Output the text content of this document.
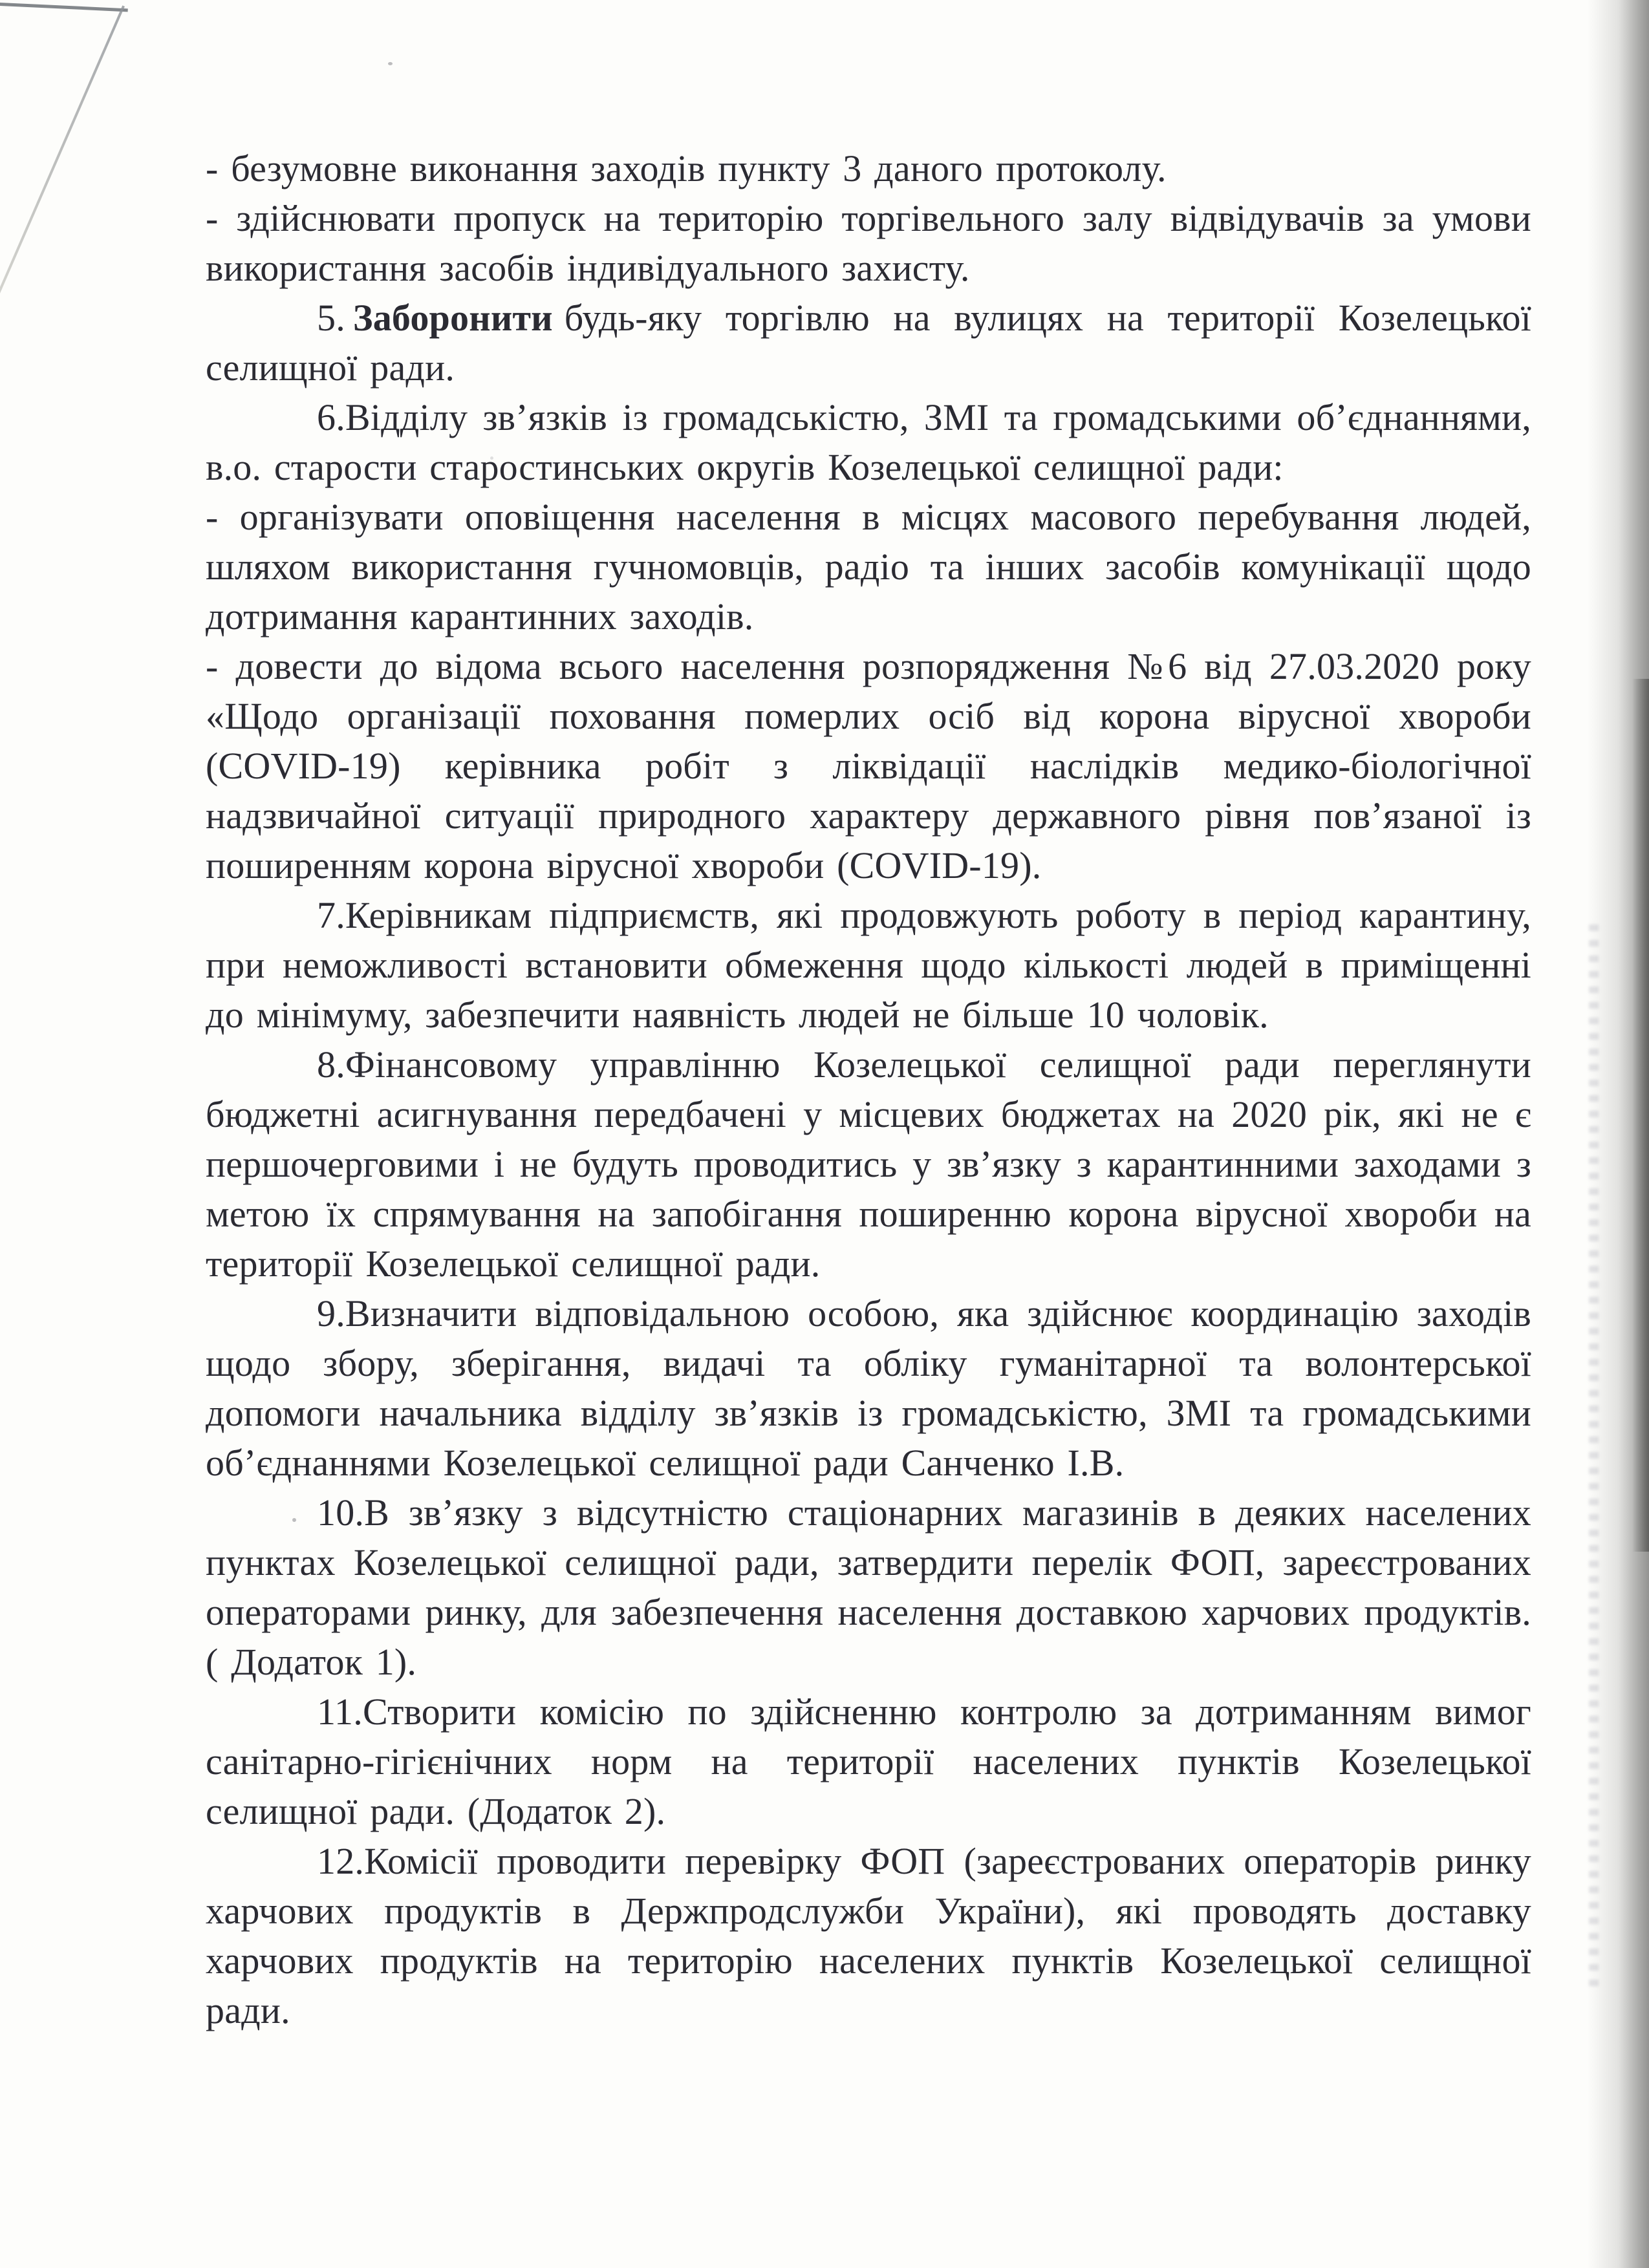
- безумовне виконання заходів пункту 3 даного протоколу.

- здійснювати пропуск на територію торгівельного залу відвідувачів за умови використання засобів індивідуального захисту.

5. Заборонити будь-яку торгівлю на вулицях на території Козелецької селищної ради.

6.Відділу зв’язків із громадськістю, ЗМІ та громадськими об’єднаннями, в.о. старости старостинських округів Козелецької селищної ради:

- організувати оповіщення населення в місцях масового перебування людей, шляхом використання гучномовців, радіо та інших засобів комунікації щодо дотримання карантинних заходів.

- довести до відома всього населення розпорядження №6 від 27.03.2020 року «Щодо організації поховання померлих осіб від корона вірусної хвороби (COVID-19) керівника робіт з ліквідації наслідків медико-біологічної надзвичайної ситуації природного характеру державного рівня пов’язаної із поширенням корона вірусної хвороби (COVID-19).

7.Керівникам підприємств, які продовжують роботу в період карантину, при неможливості встановити обмеження щодо кількості людей в приміщенні до мінімуму, забезпечити наявність людей не більше 10 чоловік.

8.Фінансовому управлінню Козелецької селищної ради переглянути бюджетні асигнування передбачені у місцевих бюджетах на 2020 рік, які не є першочерговими і не будуть проводитись у зв’язку з карантинними заходами з метою їх спрямування на запобігання поширенню корона вірусної хвороби на території Козелецької селищної ради.

9.Визначити відповідальною особою, яка здійснює координацію заходів щодо збору, зберігання, видачі та обліку гуманітарної та волонтерської допомоги начальника відділу зв’язків із громадськістю, ЗМІ та громадськими об’єднаннями Козелецької селищної ради Санченко І.В.

10.В зв’язку з відсутністю стаціонарних магазинів в деяких населених пунктах Козелецької селищної ради, затвердити перелік ФОП, зареєстрованих операторами ринку, для забезпечення населення доставкою харчових продуктів.( Додаток 1).

11.Створити комісію по здійсненню контролю за дотриманням вимог санітарно-гігієнічних норм на території населених пунктів Козелецької селищної ради. (Додаток 2).

12.Комісії проводити перевірку ФОП (зареєстрованих операторів ринку харчових продуктів в Держпродслужби України), які проводять доставку харчових продуктів на територію населених пунктів Козелецької селищної ради.
